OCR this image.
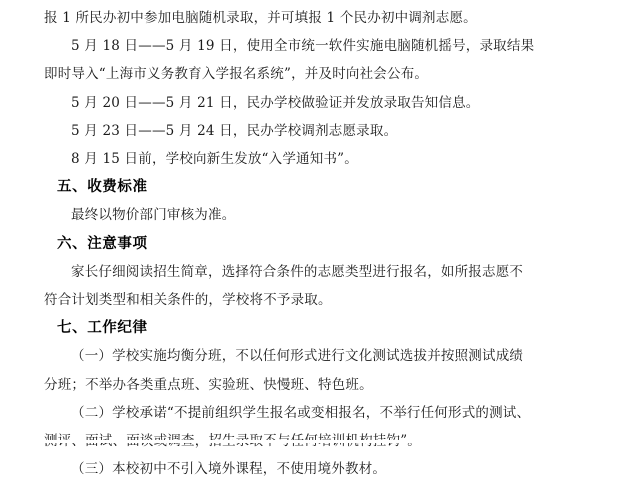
报 1 所民办初中参加电脑随机录取，并可填报 1 个民办初中调剂志愿。
5 月 18 日——5 月 19 日，使用全市统一软件实施电脑随机摇号，录取结果
即时导入“上海市义务教育入学报名系统”，并及时向社会公布。
5 月 20 日——5 月 21 日，民办学校做验证并发放录取告知信息。
5 月 23 日——5 月 24 日，民办学校调剂志愿录取。
8 月 15 日前，学校向新生发放“入学通知书”。
五、收费标准
最终以物价部门审核为准。
六、注意事项
家长仔细阅读招生简章，选择符合条件的志愿类型进行报名，如所报志愿不
符合计划类型和相关条件的，学校将不予录取。
七、工作纪律
（一）学校实施均衡分班，不以任何形式进行文化测试选拔并按照测试成绩
分班；不举办各类重点班、实验班、快慢班、特色班。
（二）学校承诺“不提前组织学生报名或变相报名，不举行任何形式的测试、
（三）本校初中不引入境外课程，不使用境外教材。
